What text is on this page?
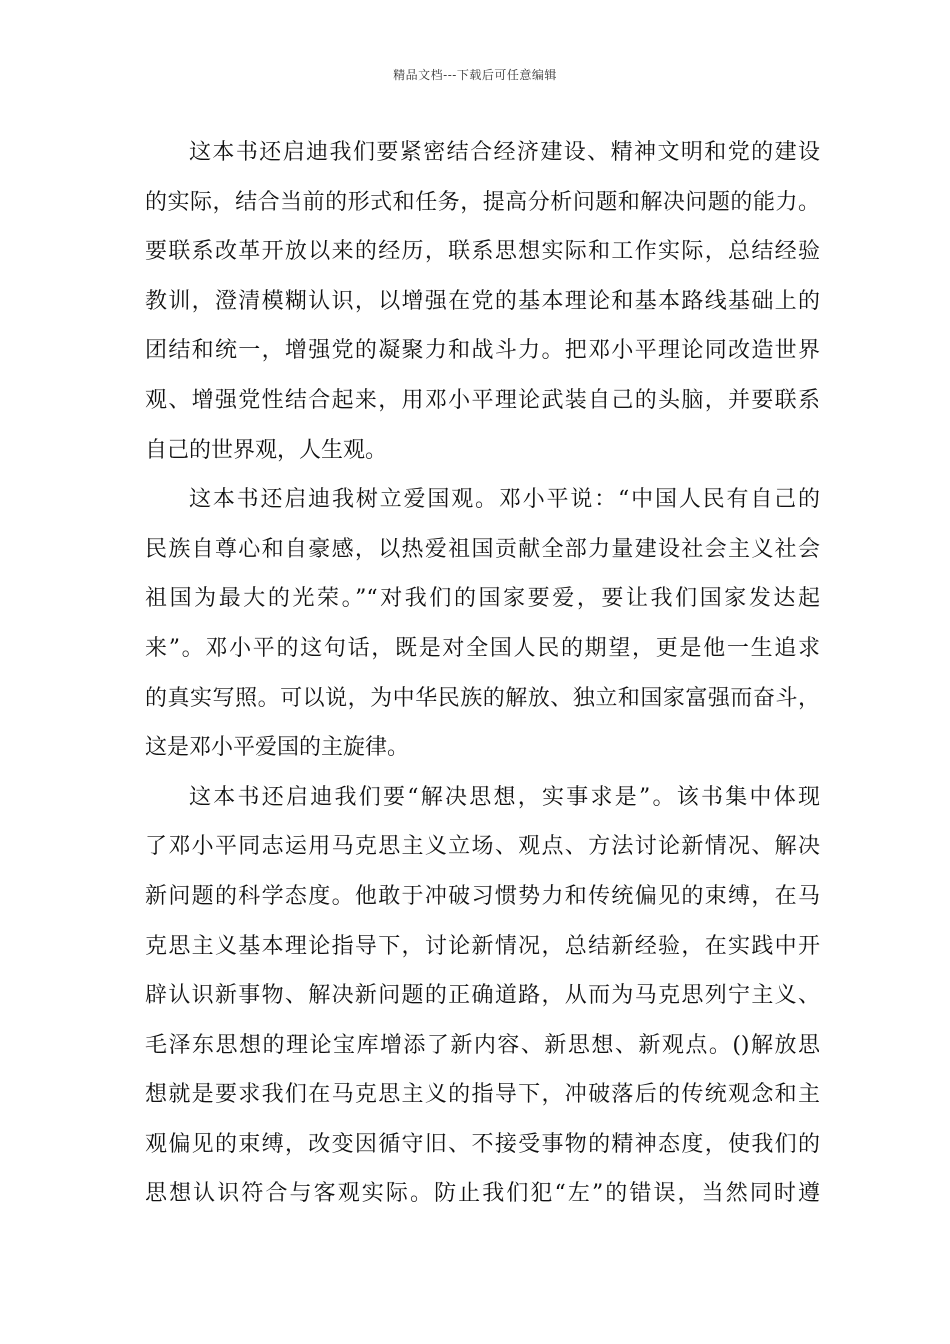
精品文档---下载后可任意编辑
这本书还启迪我们要紧密结合经济建设、精神文明和党的建设
的实际，结合当前的形式和任务，提高分析问题和解决问题的能力。
要联系改革开放以来的经历，联系思想实际和工作实际，总结经验
教训，澄清模糊认识，以增强在党的基本理论和基本路线基础上的
团结和统一，增强党的凝聚力和战斗力。把邓小平理论同改造世界
观、增强党性结合起来，用邓小平理论武装自己的头脑，并要联系
自己的世界观，人生观。
这本书还启迪我树立爱国观。邓小平说：“中国人民有自己的
民族自尊心和自豪感，以热爱祖国贡献全部力量建设社会主义社会
祖国为最大的光荣。”“对我们的国家要爱，要让我们国家发达起
来”。邓小平的这句话，既是对全国人民的期望，更是他一生追求
的真实写照。可以说，为中华民族的解放、独立和国家富强而奋斗，
这是邓小平爱国的主旋律。
这本书还启迪我们要“解决思想，实事求是”。该书集中体现
了邓小平同志运用马克思主义立场、观点、方法讨论新情况、解决
新问题的科学态度。他敢于冲破习惯势力和传统偏见的束缚，在马
克思主义基本理论指导下，讨论新情况，总结新经验，在实践中开
辟认识新事物、解决新问题的正确道路，从而为马克思列宁主义、
毛泽东思想的理论宝库增添了新内容、新思想、新观点。()解放思
想就是要求我们在马克思主义的指导下，冲破落后的传统观念和主
观偏见的束缚，改变因循守旧、不接受事物的精神态度，使我们的
思想认识符合与客观实际。防止我们犯“左”的错误，当然同时遵
